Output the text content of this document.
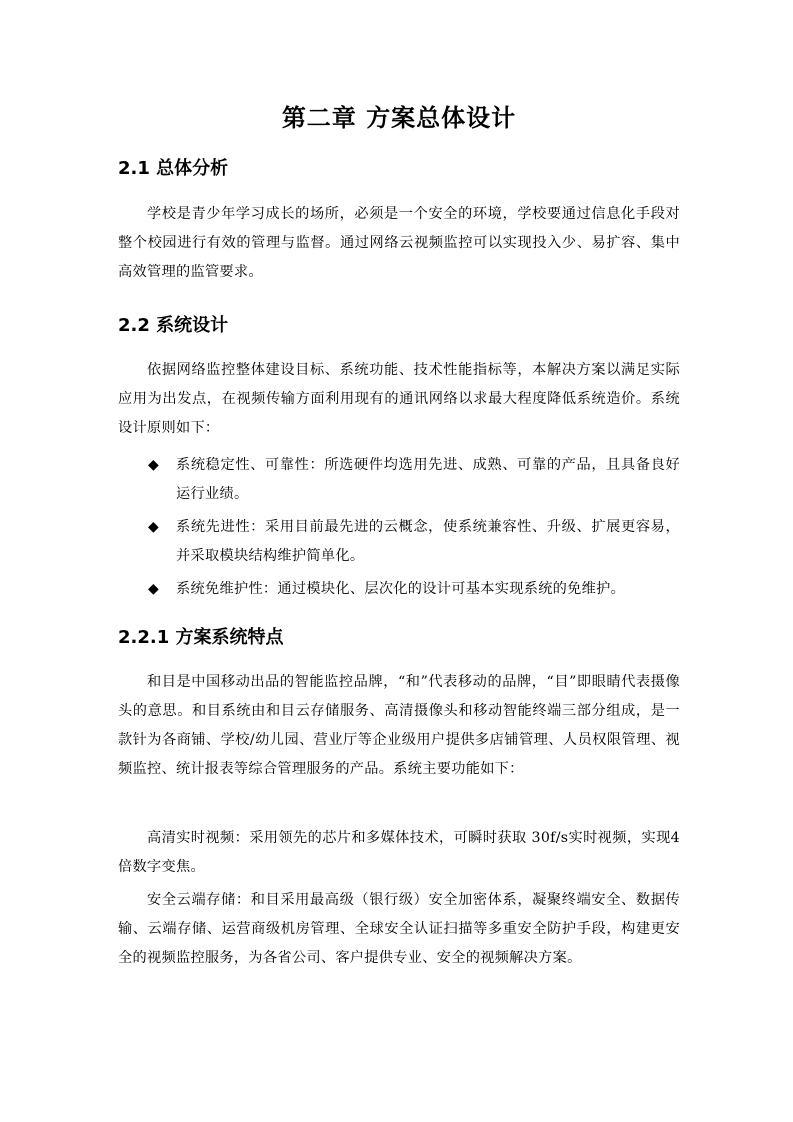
第二章 方案总体设计
2.1 总体分析
学校是青少年学习成长的场所，必须是一个安全的环境，学校要通过信息化手段对整个校园进行有效的管理与监督。通过网络云视频监控可以实现投入少、易扩容、集中高效管理的监管要求。
2.2 系统设计
依据网络监控整体建设目标、系统功能、技术性能指标等，本解决方案以满足实际应用为出发点，在视频传输方面利用现有的通讯网络以求最大程度降低系统造价。系统设计原则如下：
◆	系统稳定性、可靠性：所选硬件均选用先进、成熟、可靠的产品，且具备良好运行业绩。
◆	系统先进性：采用目前最先进的云概念，使系统兼容性、升级、扩展更容易，并采取模块结构维护简单化。
◆	系统免维护性：通过模块化、层次化的设计可基本实现系统的免维护。
2.2.1 方案系统特点
和目是中国移动出品的智能监控品牌，“和”代表移动的品牌，“目”即眼睛代表摄像头的意思。和目系统由和目云存储服务、高清摄像头和移动智能终端三部分组成，是一款针为各商铺、学校/幼儿园、营业厅等企业级用户提供多店铺管理、人员权限管理、视频监控、统计报表等综合管理服务的产品。系统主要功能如下：
高清实时视频：采用领先的芯片和多媒体技术，可瞬时获取 30f/s实时视频，实现4倍数字变焦。
安全云端存储：和目采用最高级（银行级）安全加密体系，凝聚终端安全、数据传输、云端存储、运营商级机房管理、全球安全认证扫描等多重安全防护手段，构建更安全的视频监控服务，为各省公司、客户提供专业、安全的视频解决方案。
